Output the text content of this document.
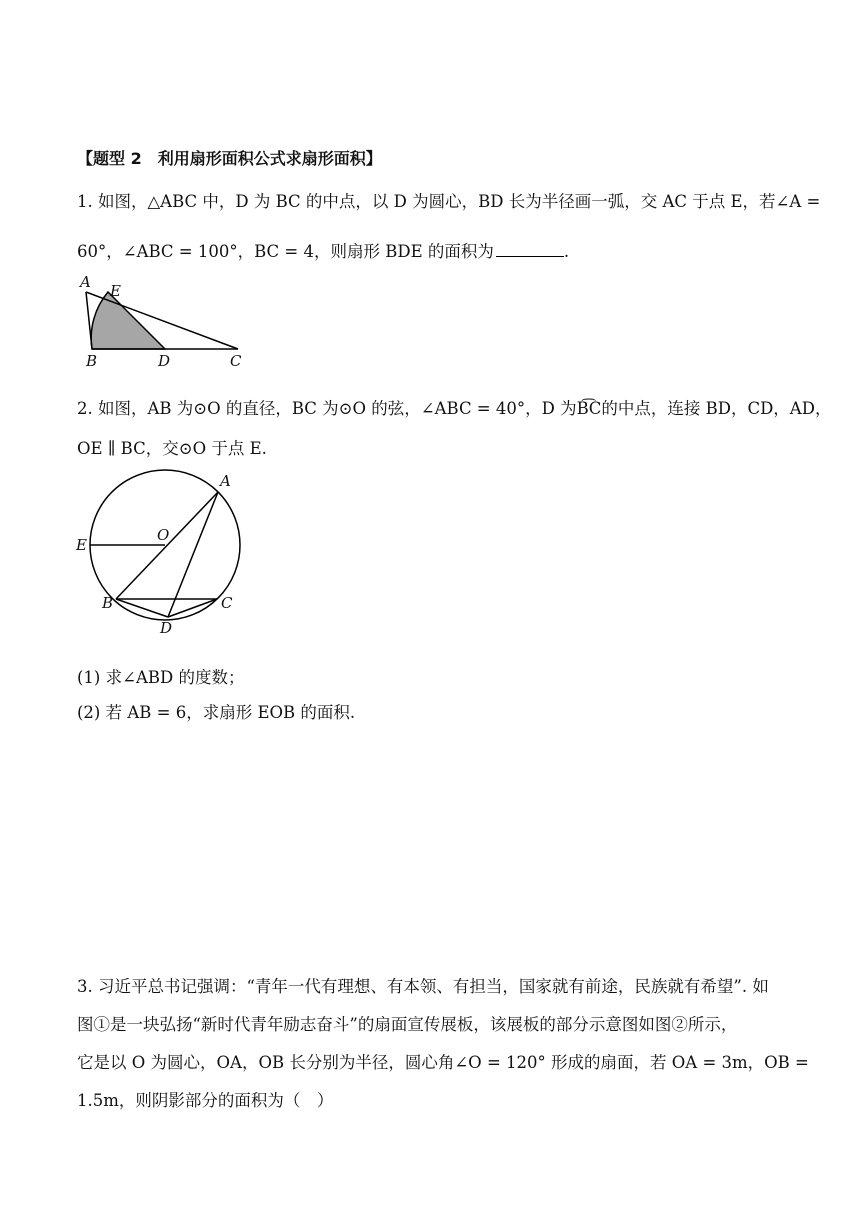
【题型 2　利用扇形面积公式求扇形面积】
1. 如图，△ABC 中，D 为 BC 的中点，以 D 为圆心，BD 长为半径画一弧，交 AC 于点 E，若∠A =
60°，∠ABC = 100°，BC = 4，则扇形 BDE 的面积为	.
A E
B	D	C
2. 如图，AB 为⊙O 的直径，BC 为⊙O 的弦，∠ABC = 40°，D 为B͡C的中点，连接 BD，CD，AD，
OE ∥ BC，交⊙O 于点 E.
A
O
E
B	C
D
(1) 求∠ABD 的度数；
(2) 若 AB = 6，求扇形 EOB 的面积.
3. 习近平总书记强调：“青年一代有理想、有本领、有担当，国家就有前途，民族就有希望”. 如
图①是一块弘扬“新时代青年励志奋斗”的扇面宣传展板，该展板的部分示意图如图②所示，
它是以 O 为圆心，OA，OB 长分别为半径，圆心角∠O = 120° 形成的扇面，若 OA = 3m，OB =
1.5m，则阴影部分的面积为（　）
